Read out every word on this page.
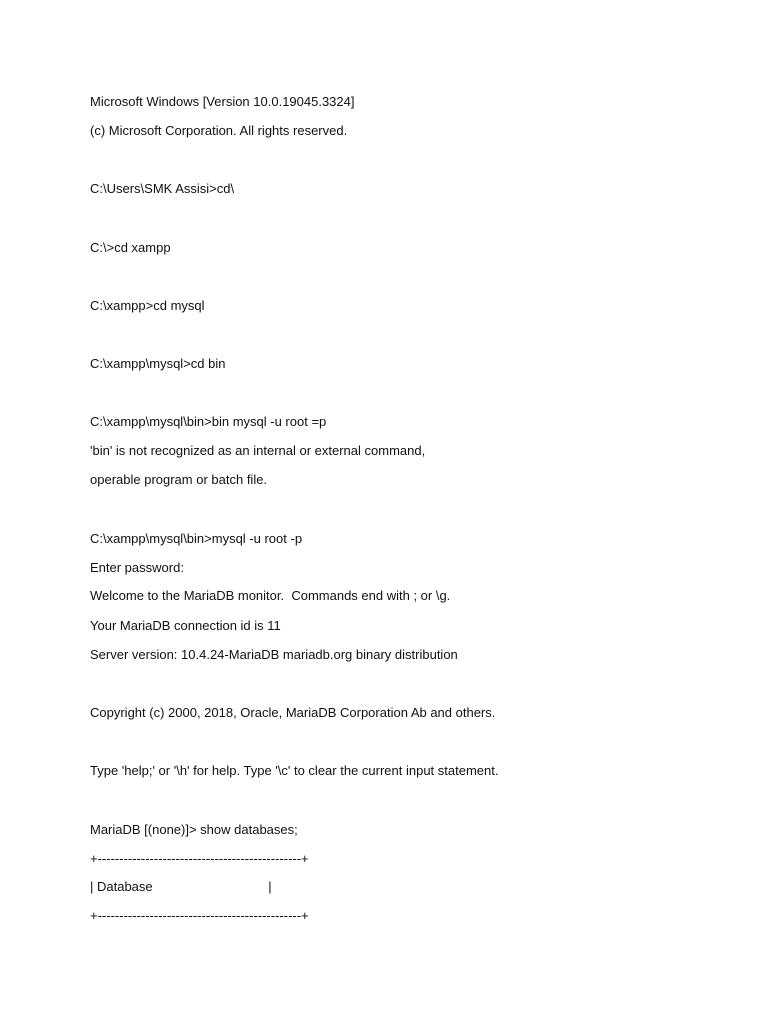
Microsoft Windows [Version 10.0.19045.3324]

(c) Microsoft Corporation. All rights reserved.

C:\Users\SMK Assisi>cd\

C:\>cd xampp

C:\xampp>cd mysql

C:\xampp\mysql>cd bin

C:\xampp\mysql\bin>bin mysql -u root =p

'bin' is not recognized as an internal or external command,

operable program or batch file.

C:\xampp\mysql\bin>mysql -u root -p

Enter password:

Welcome to the MariaDB monitor.  Commands end with ; or \g.

Your MariaDB connection id is 11

Server version: 10.4.24-MariaDB mariadb.org binary distribution

Copyright (c) 2000, 2018, Oracle, MariaDB Corporation Ab and others.

Type 'help;' or '\h' for help. Type '\c' to clear the current input statement.

MariaDB [(none)]> show databases;

+-----------------------------------------------+

| Database                                |

+-----------------------------------------------+
